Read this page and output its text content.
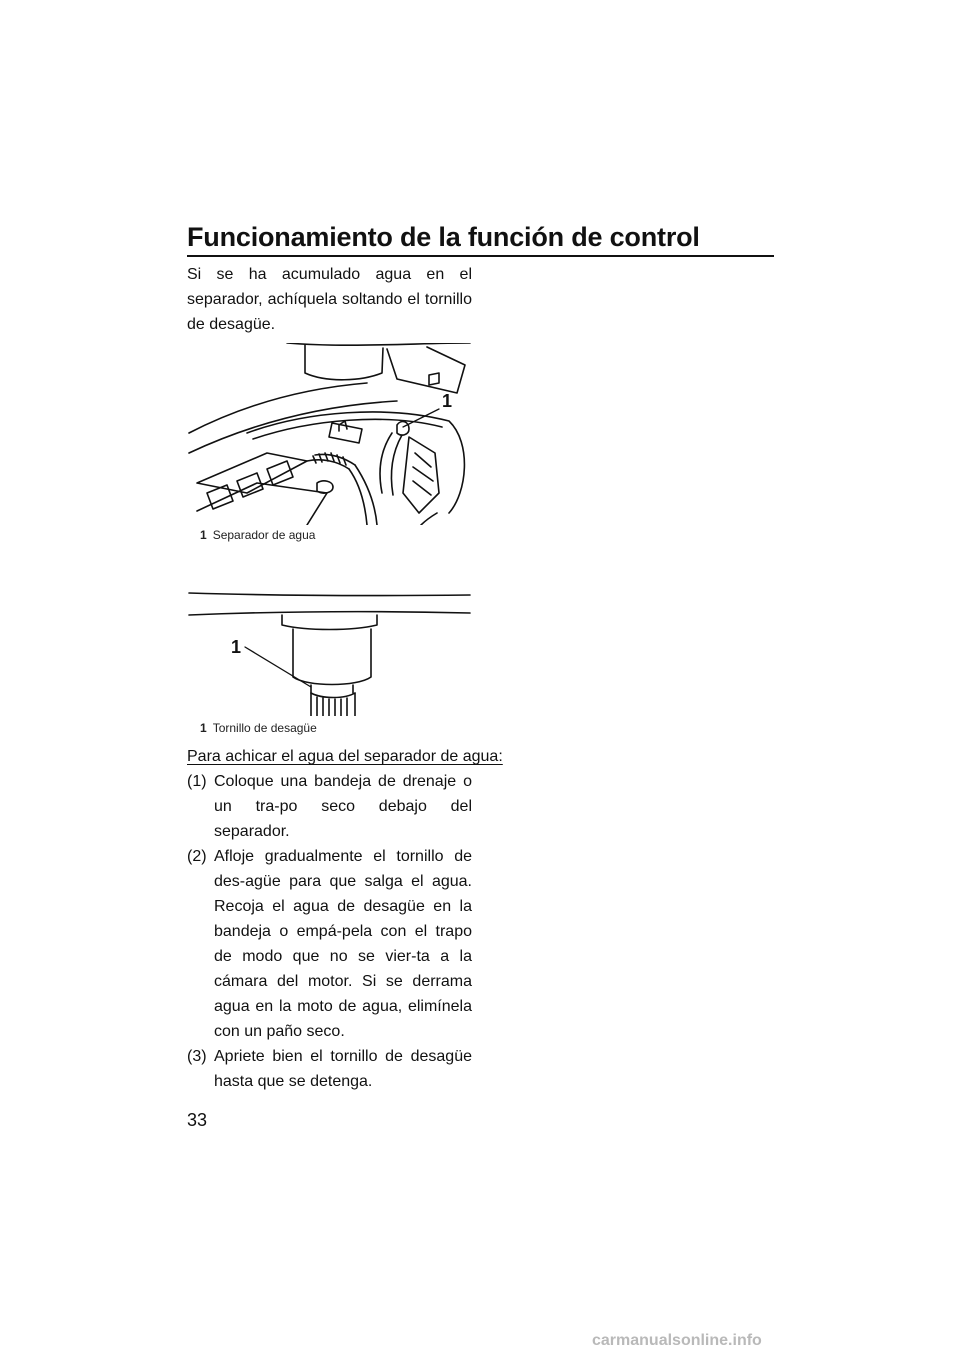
Funcionamiento de la función de control

Si se ha acumulado agua en el separador, achíquela soltando el tornillo de desagüe.

1
1 Separador de agua
1
1 Tornillo de desagüe
Para achicar el agua del separador de agua:
(1) Coloque una bandeja de drenaje o un tra-po seco debajo del separador.
(2) Afloje gradualmente el tornillo de des-agüe para que salga el agua. Recoja el agua de desagüe en la bandeja o empá-pela con el trapo de modo que no se vier-ta a la cámara del motor. Si se derrama agua en la moto de agua, elimínela con un paño seco.
(3) Apriete bien el tornillo de desagüe hasta que se detenga.
33
carmanualsonline.info
